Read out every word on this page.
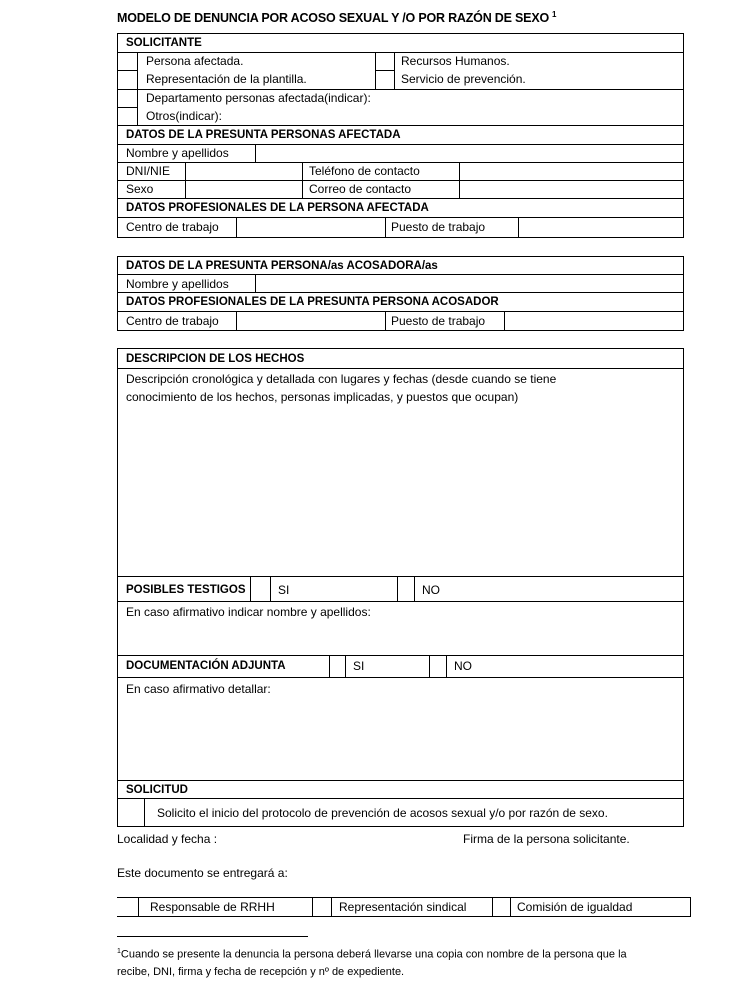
MODELO DE DENUNCIA POR ACOSO SEXUAL Y /O POR RAZÓN DE SEXO $^1$
SOLICITANTE
Persona afectada.
Representación de la plantilla.
Recursos Humanos.
Servicio de prevención.
Departamento personas afectada(indicar):
Otros(indicar):
DATOS DE LA PRESUNTA PERSONAS AFECTADA
Nombre y apellidos
DNI/NIE	Teléfono de contacto
Sexo	Correo de contacto
DATOS PROFESIONALES DE LA PERSONA AFECTADA
Centro de trabajo	Puesto de trabajo
DATOS DE LA PRESUNTA PERSONA/as ACOSADORA/as
Nombre y apellidos
DATOS PROFESIONALES DE LA PRESUNTA PERSONA ACOSADOR
Centro de trabajo	Puesto de trabajo
DESCRIPCION DE LOS HECHOS
Descripción cronológica y detallada con lugares y fechas (desde cuando se tiene
conocimiento de los hechos, personas implicadas, y puestos que ocupan)
POSIBLES TESTIGOS	SI	NO
En caso afirmativo indicar nombre y apellidos:
DOCUMENTACIÓN ADJUNTA	SI	NO
En caso afirmativo detallar:
SOLICITUD
Solicito el inicio del protocolo de prevención de acosos sexual y/o por razón de sexo.
Localidad y fecha :	Firma de la persona solicitante.
Este documento se entregará a:
Responsable de RRHH	Representación sindical	Comisión de igualdad
$^1$Cuando se presente la denuncia la persona deberá llevarse una copia con nombre de la persona que la
recibe, DNI, firma y fecha de recepción y nº de expediente.
